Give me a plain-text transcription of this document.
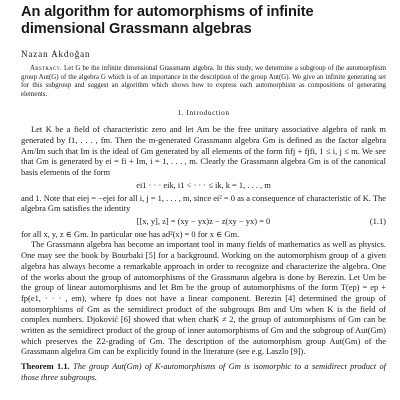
An algorithm for automorphisms of infinite dimensional Grassmann algebras
Nazan Akdoğan

Abstract. Let G be the infinite dimensional Grassmann algebra. In this study, we determine a subgroup of the automorphism group Aut(G) of the algebra G which is of an importance in the description of the group Aut(G). We give an infinite generating set for this subgroup and suggest an algorithm which shows how to express each automorphism as compositions of generating elements.

1. Introduction

Let K be a field of characteristic zero and let Am be the free unitary associative algebra of rank m generated by f1, . . . , fm. Then the m-generated Grassmann algebra Gm is defined as the factor algebra Am/Im such that Im is the ideal of Gm generated by all elements of the form fifj + fjfi, 1 ≤ i, j ≤ m. We see that Gm is generated by ei = fi + Im, i = 1, . . . , m. Clearly the Grassmann algebra Gm is of the canonical basis elements of the form

ei1 · · · eik, i1 < · · · ≤ ik, k = 1, . . . , m

and 1. Note that eiej = −ejei for all i, j = 1, . . . , m, since ei² = 0 as a consequence of characteristic of K. The algebra Gm satisfies the identity

[[x, y], z] = (xy − yx)z − z(xy − yx) = 0	(1.1)

for all x, y, z ∈ Gm. In particular one has ad²(x) = 0 for x ∈ Gm.

The Grassmann algebra has become an important tool in many fields of mathematics as well as physics. One may see the book by Bourbaki [5] for a background. Working on the automorphism group of a given algebra has always become a remarkable approach in order to recognize and characterize the algebra. One of the works about the group of automorphisms of the Grassmann algebra is done by Berezin. Let Um be the group of linear automorphisms and let Bm be the group of automorphisms of the form T(ep) = ep + fp(e1, · · · , em), where fp does not have a linear component. Berezin [4] determined the group of automorphisms of Gm as the semidirect product of the subgroups Bm and Um when K is the field of complex numbers. Djoković [6] showed that when charK ≠ 2, the group of automorphisms of Gm can be written as the semidirect product of the group of inner automorphisms of Gm and the subgroup of Aut(Gm) which preserves the Z2-grading of Gm. The description of the automorphism group Aut(Gm) of the Grassmann algebra Gm can be explicitly found in the literature (see e.g. Laszlo [9]).

Theorem 1.1. The group Aut(Gm) of K-automorphisms of Gm is isomorphic to a semidirect product of those three subgroups.
